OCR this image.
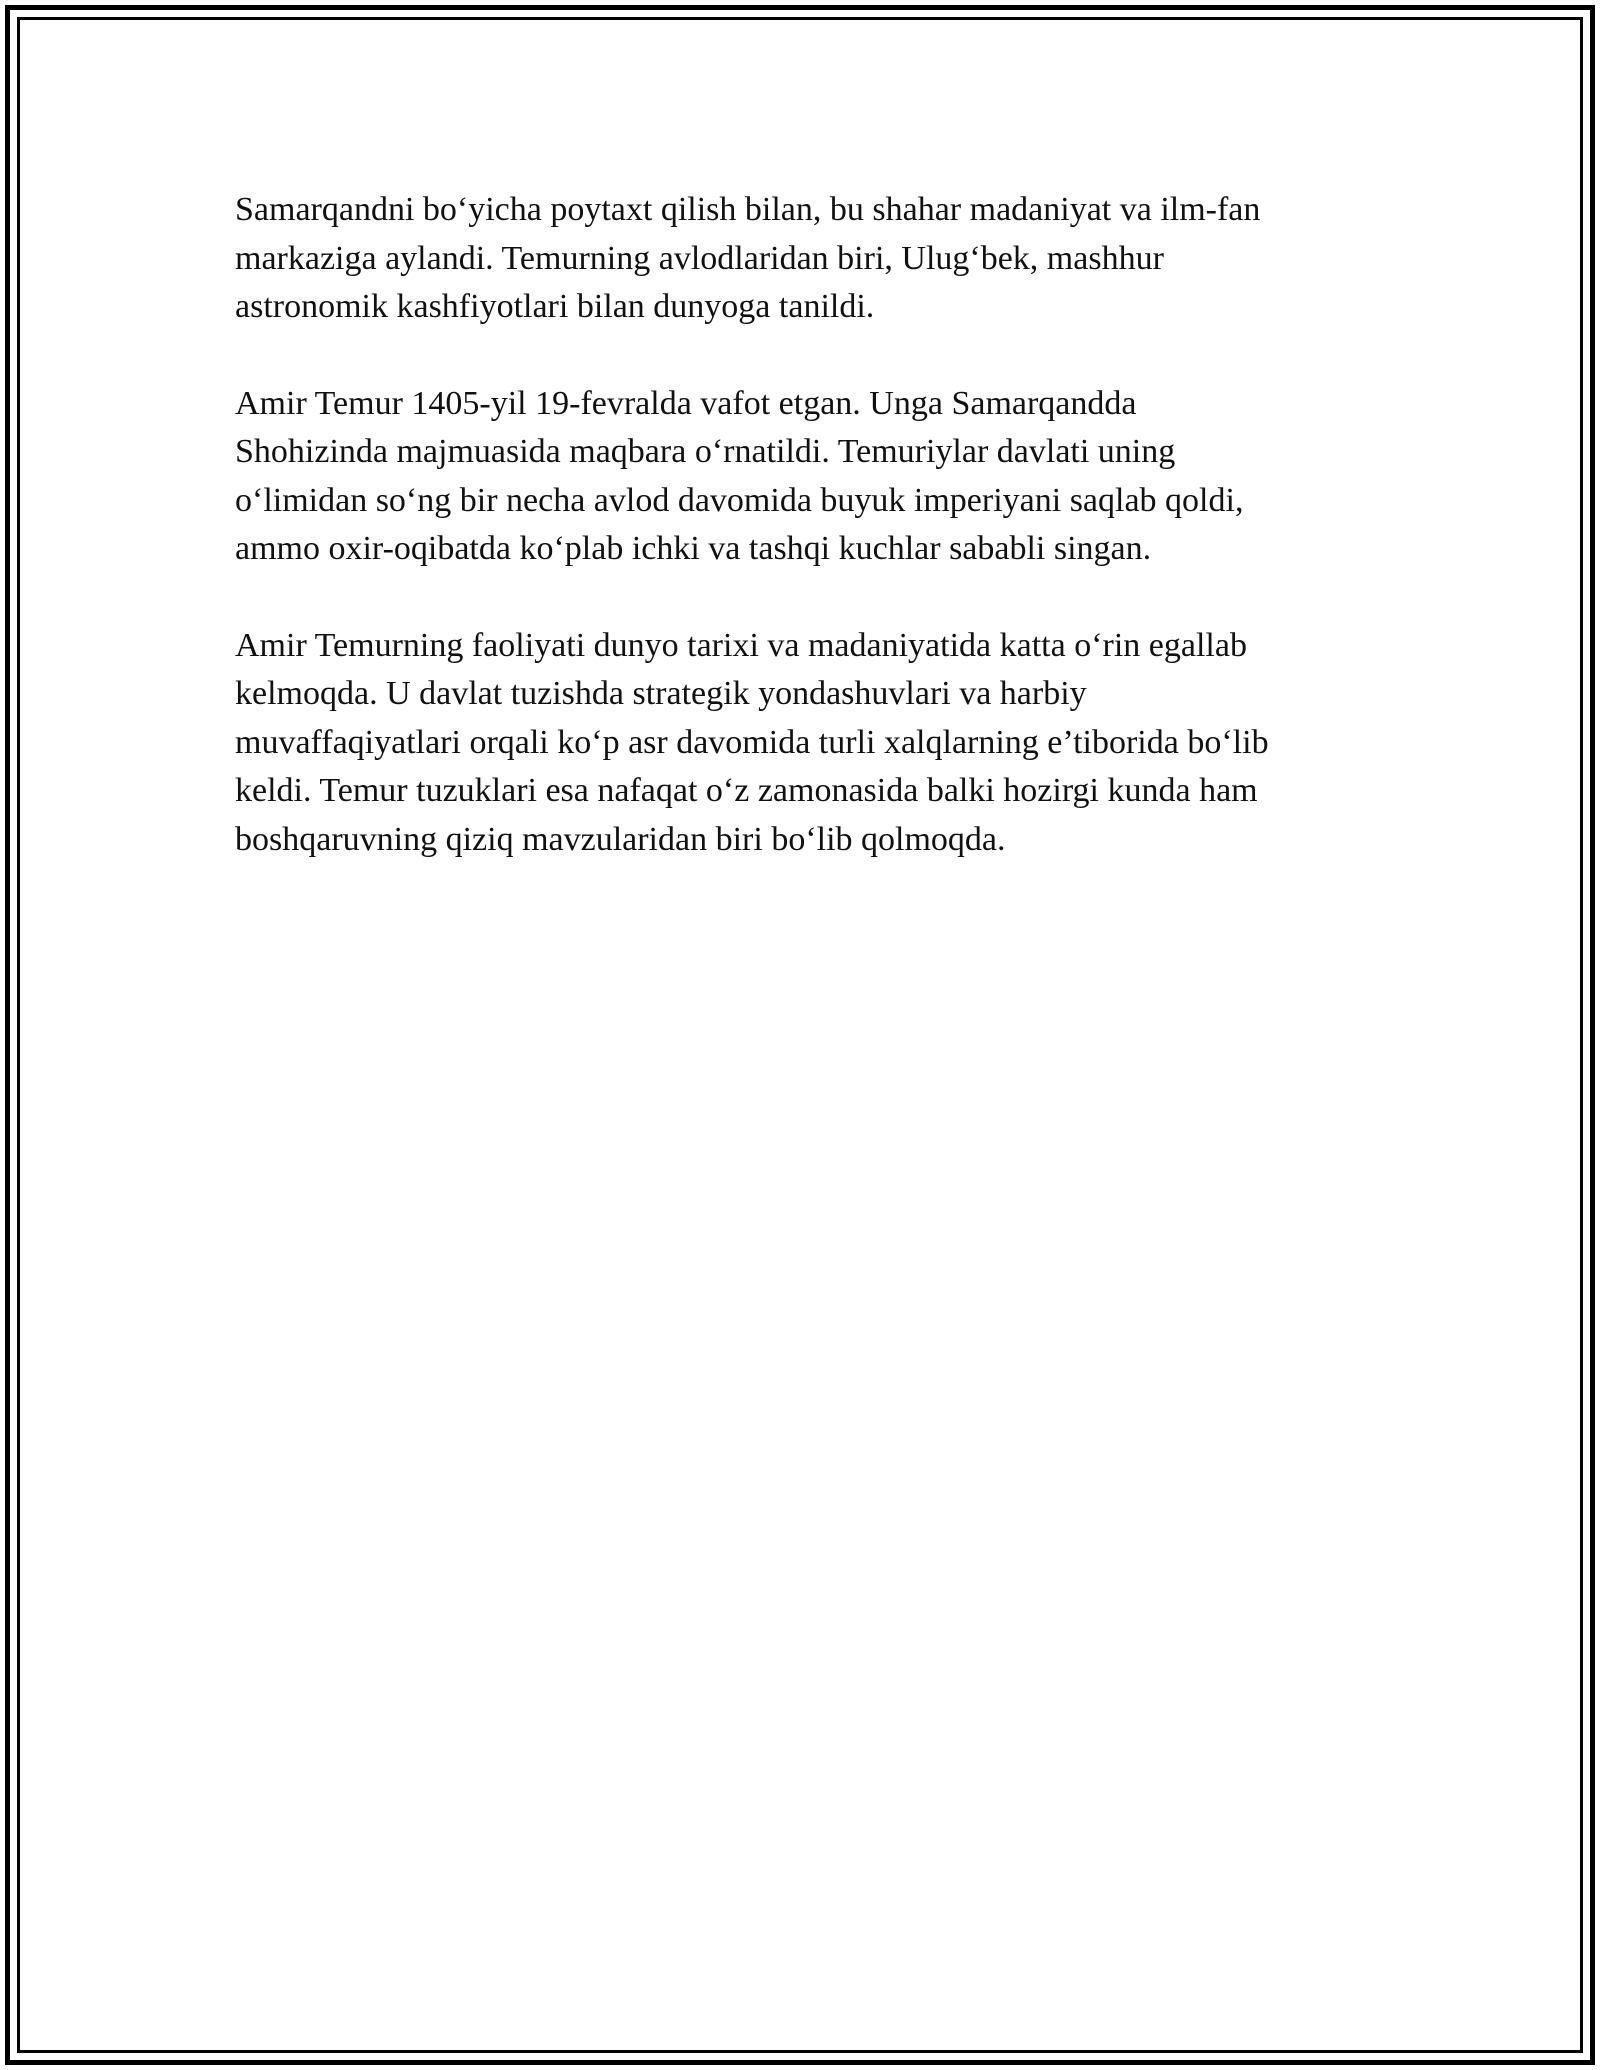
Samarqandni bo‘yicha poytaxt qilish bilan, bu shahar madaniyat va ilm-fan
markaziga aylandi. Temurning avlodlaridan biri, Ulug‘bek, mashhur
astronomik kashfiyotlari bilan dunyoga tanildi.

Amir Temur 1405-yil 19-fevralda vafot etgan. Unga Samarqandda
Shohizinda majmuasida maqbara o‘rnatildi. Temuriylar davlati uning
o‘limidan so‘ng bir necha avlod davomida buyuk imperiyani saqlab qoldi,
ammo oxir-oqibatda ko‘plab ichki va tashqi kuchlar sababli singan.

Amir Temurning faoliyati dunyo tarixi va madaniyatida katta o‘rin egallab
kelmoqda. U davlat tuzishda strategik yondashuvlari va harbiy
muvaffaqiyatlari orqali ko‘p asr davomida turli xalqlarning e’tiborida bo‘lib
keldi. Temur tuzuklari esa nafaqat o‘z zamonasida balki hozirgi kunda ham
boshqaruvning qiziq mavzularidan biri bo‘lib qolmoqda.
